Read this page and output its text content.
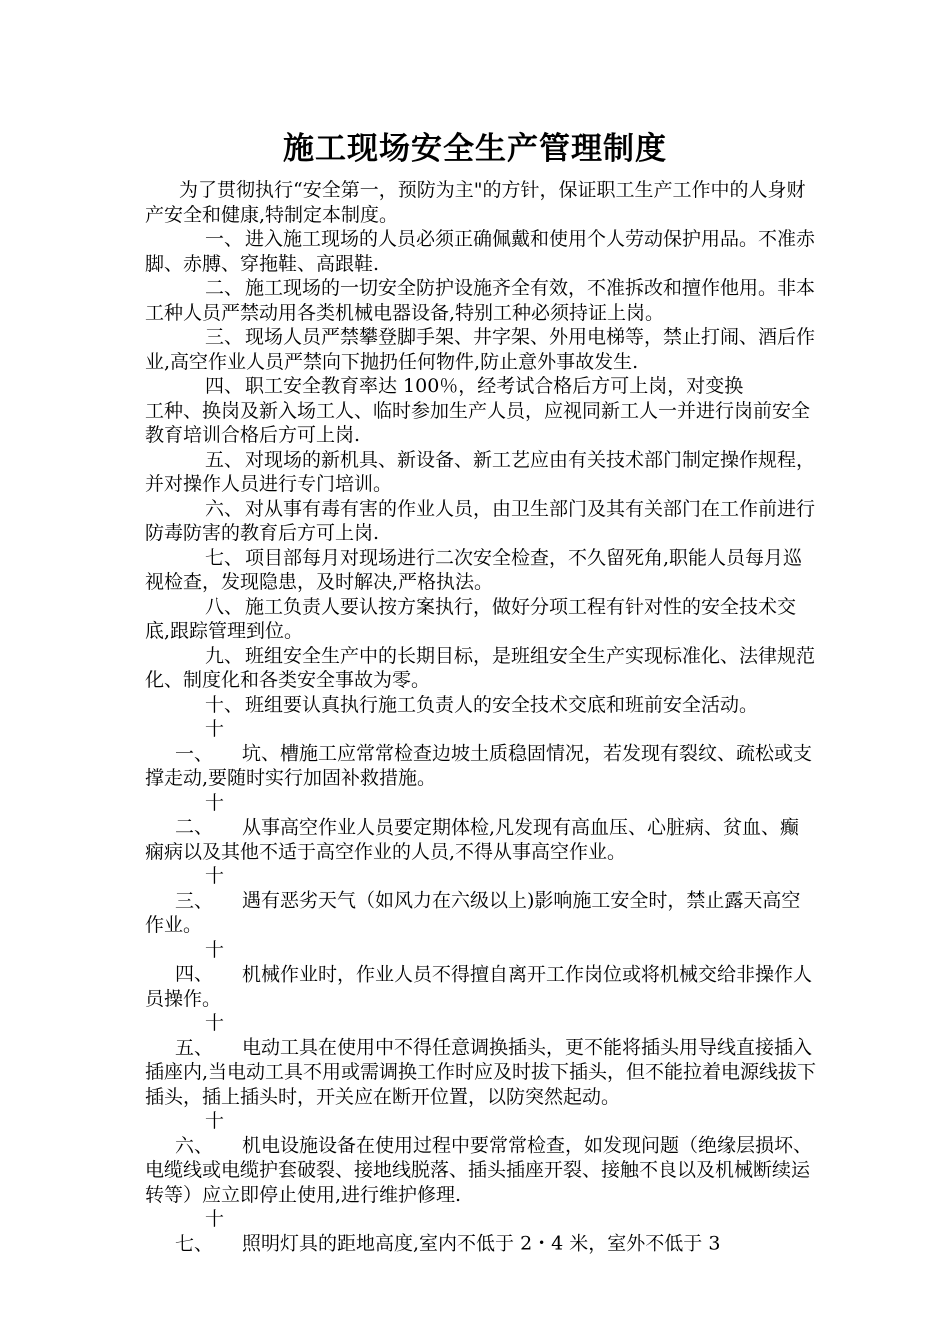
施工现场安全生产管理制度

为了贯彻执行“安全第一，预防为主"的方针，保证职工生产工作中的人身财产安全和健康,特制定本制度。

一、 进入施工现场的人员必须正确佩戴和使用个人劳动保护用品。不准赤脚、赤膊、穿拖鞋、高跟鞋.

二、 施工现场的一切安全防护设施齐全有效，不准拆改和擅作他用。非本工种人员严禁动用各类机械电器设备,特别工种必须持证上岗。

三、 现场人员严禁攀登脚手架、井字架、外用电梯等，禁止打闹、酒后作业,高空作业人员严禁向下抛扔任何物件,防止意外事故发生.

四、 职工安全教育率达 100％，经考试合格后方可上岗，对变换

工种、换岗及新入场工人、临时参加生产人员，应视同新工人一并进行岗前安全教育培训合格后方可上岗.

五、 对现场的新机具、新设备、新工艺应由有关技术部门制定操作规程，并对操作人员进行专门培训。

六、 对从事有毒有害的作业人员，由卫生部门及其有关部门在工作前进行防毒防害的教育后方可上岗.

七、 项目部每月对现场进行二次安全检查，不久留死角,职能人员每月巡视检查，发现隐患，及时解决,严格执法。

八、 施工负责人要认按方案执行，做好分项工程有针对性的安全技术交底,跟踪管理到位。

九、 班组安全生产中的长期目标，是班组安全生产实现标准化、法律规范化、制度化和各类安全事故为零。

十、 班组要认真执行施工负责人的安全技术交底和班前安全活动。

十一、 坑、槽施工应常常检查边坡土质稳固情况，若发现有裂纹、疏松或支撑走动,要随时实行加固补救措施。

十二、 从事高空作业人员要定期体检,凡发现有高血压、心脏病、贫血、癫痫病以及其他不适于高空作业的人员,不得从事高空作业。

十三、 遇有恶劣天气（如风力在六级以上)影响施工安全时，禁止露天高空作业。

十四、 机械作业时，作业人员不得擅自离开工作岗位或将机械交给非操作人员操作。

十五、 电动工具在使用中不得任意调换插头，更不能将插头用导线直接插入插座内,当电动工具不用或需调换工作时应及时拔下插头，但不能拉着电源线拔下插头，插上插头时，开关应在断开位置，以防突然起动。

十六、 机电设施设备在使用过程中要常常检查，如发现问题（绝缘层损坏、电缆线或电缆护套破裂、接地线脱落、插头插座开裂、接触不良以及机械断续运转等）应立即停止使用,进行维护修理.

十七、 照明灯具的距地高度,室内不低于 2・4 米，室外不低于 3
